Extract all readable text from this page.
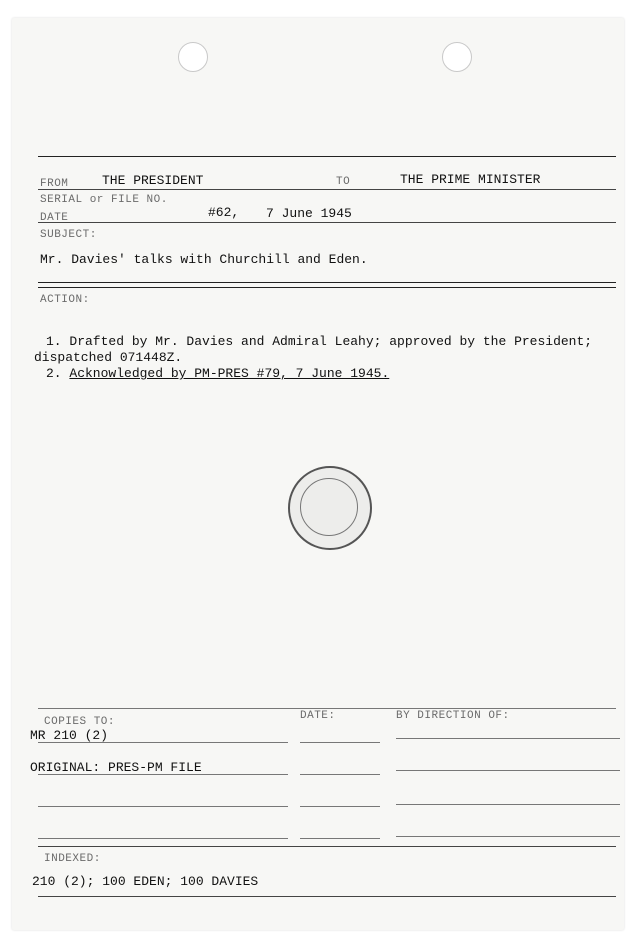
FROM	THE PRESIDENT	TO	THE PRIME MINISTER
SERIAL or FILE NO.
DATE	#62, 7 June 1945
SUBJECT:
Mr. Davies' talks with Churchill and Eden.
ACTION:
1. Drafted by Mr. Davies and Admiral Leahy; approved by the President;
dispatched 071448Z.
2. Acknowledged by PM-PRES #79, 7 June 1945.
COPIES TO:	DATE:	BY DIRECTION OF:
MR 210 (2)
ORIGINAL: PRES-PM FILE
INDEXED:
210 (2); 100 EDEN; 100 DAVIES
